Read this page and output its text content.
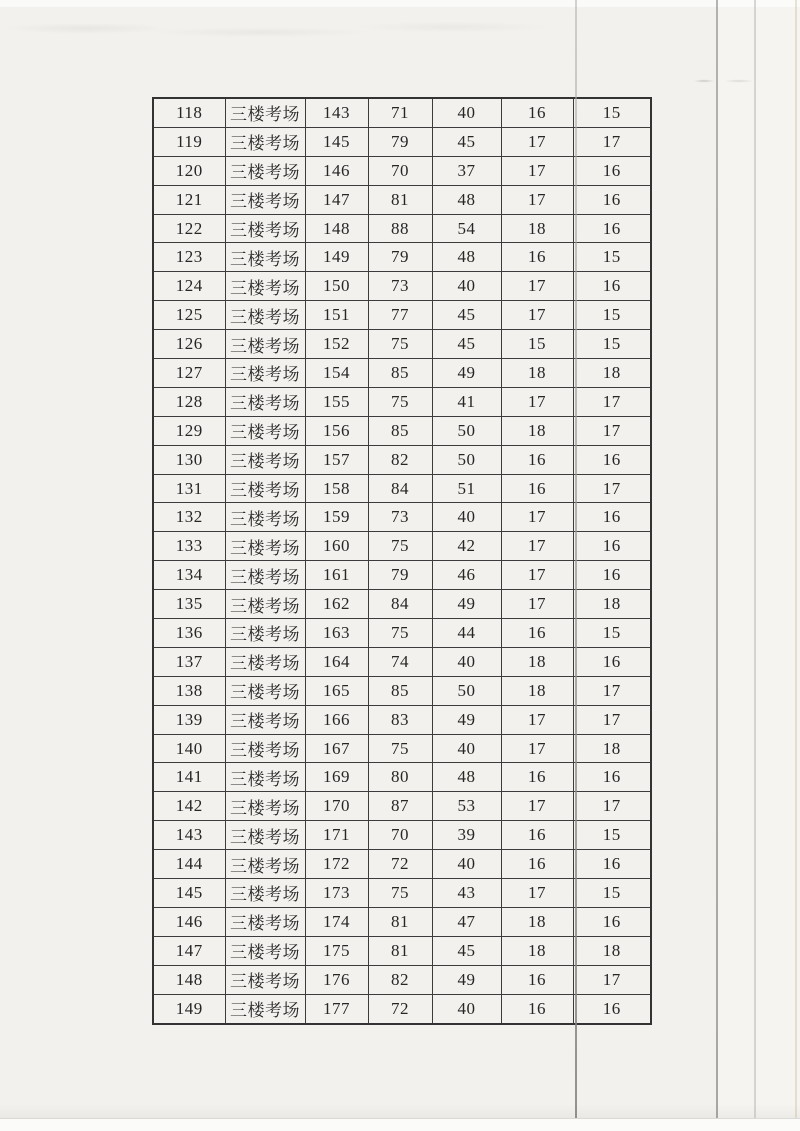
118	三楼考场	143	71	40	16	15
119	三楼考场	145	79	45	17	17
120	三楼考场	146	70	37	17	16
121	三楼考场	147	81	48	17	16
122	三楼考场	148	88	54	18	16
123	三楼考场	149	79	48	16	15
124	三楼考场	150	73	40	17	16
125	三楼考场	151	77	45	17	15
126	三楼考场	152	75	45	15	15
127	三楼考场	154	85	49	18	18
128	三楼考场	155	75	41	17	17
129	三楼考场	156	85	50	18	17
130	三楼考场	157	82	50	16	16
131	三楼考场	158	84	51	16	17
132	三楼考场	159	73	40	17	16
133	三楼考场	160	75	42	17	16
134	三楼考场	161	79	46	17	16
135	三楼考场	162	84	49	17	18
136	三楼考场	163	75	44	16	15
137	三楼考场	164	74	40	18	16
138	三楼考场	165	85	50	18	17
139	三楼考场	166	83	49	17	17
140	三楼考场	167	75	40	17	18
141	三楼考场	169	80	48	16	16
142	三楼考场	170	87	53	17	17
143	三楼考场	171	70	39	16	15
144	三楼考场	172	72	40	16	16
145	三楼考场	173	75	43	17	15
146	三楼考场	174	81	47	18	16
147	三楼考场	175	81	45	18	18
148	三楼考场	176	82	49	16	17
149	三楼考场	177	72	40	16	16
